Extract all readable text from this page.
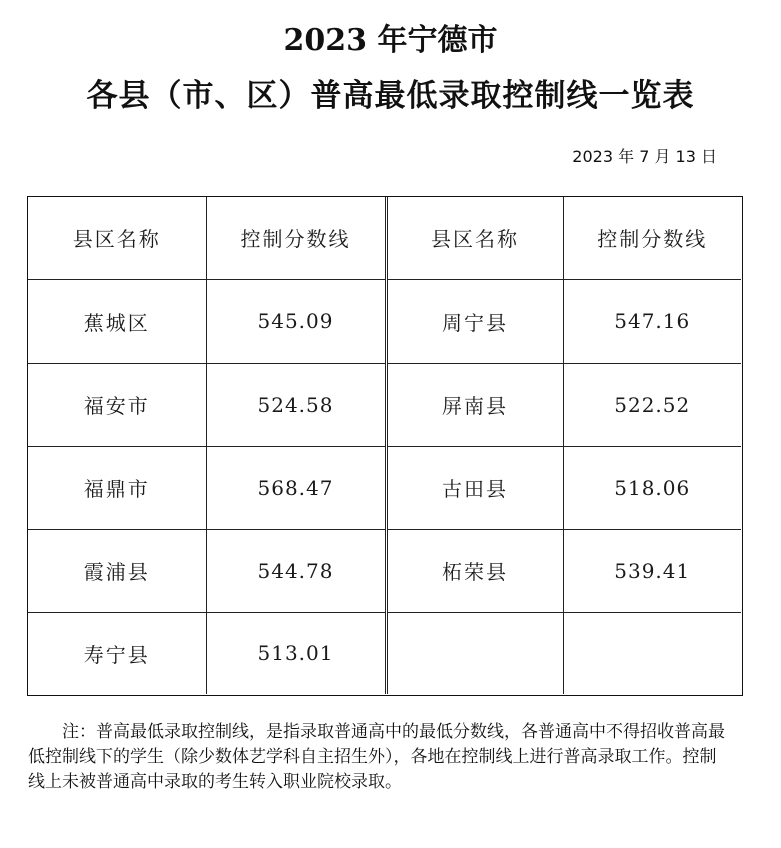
2023 年宁德市
各县（市、区）普高最低录取控制线一览表
2023 年 7 月 13 日
县区名称	控制分数线	县区名称	控制分数线
蕉城区	545.09	周宁县	547.16
福安市	524.58	屏南县	522.52
福鼎市	568.47	古田县	518.06
霞浦县	544.78	柘荣县	539.41
寿宁县	513.01		
注：普高最低录取控制线，是指录取普通高中的最低分数线，各普通高中不得招收普高最低控制线下的学生（除少数体艺学科自主招生外），各地在控制线上进行普高录取工作。控制线上未被普通高中录取的考生转入职业院校录取。
